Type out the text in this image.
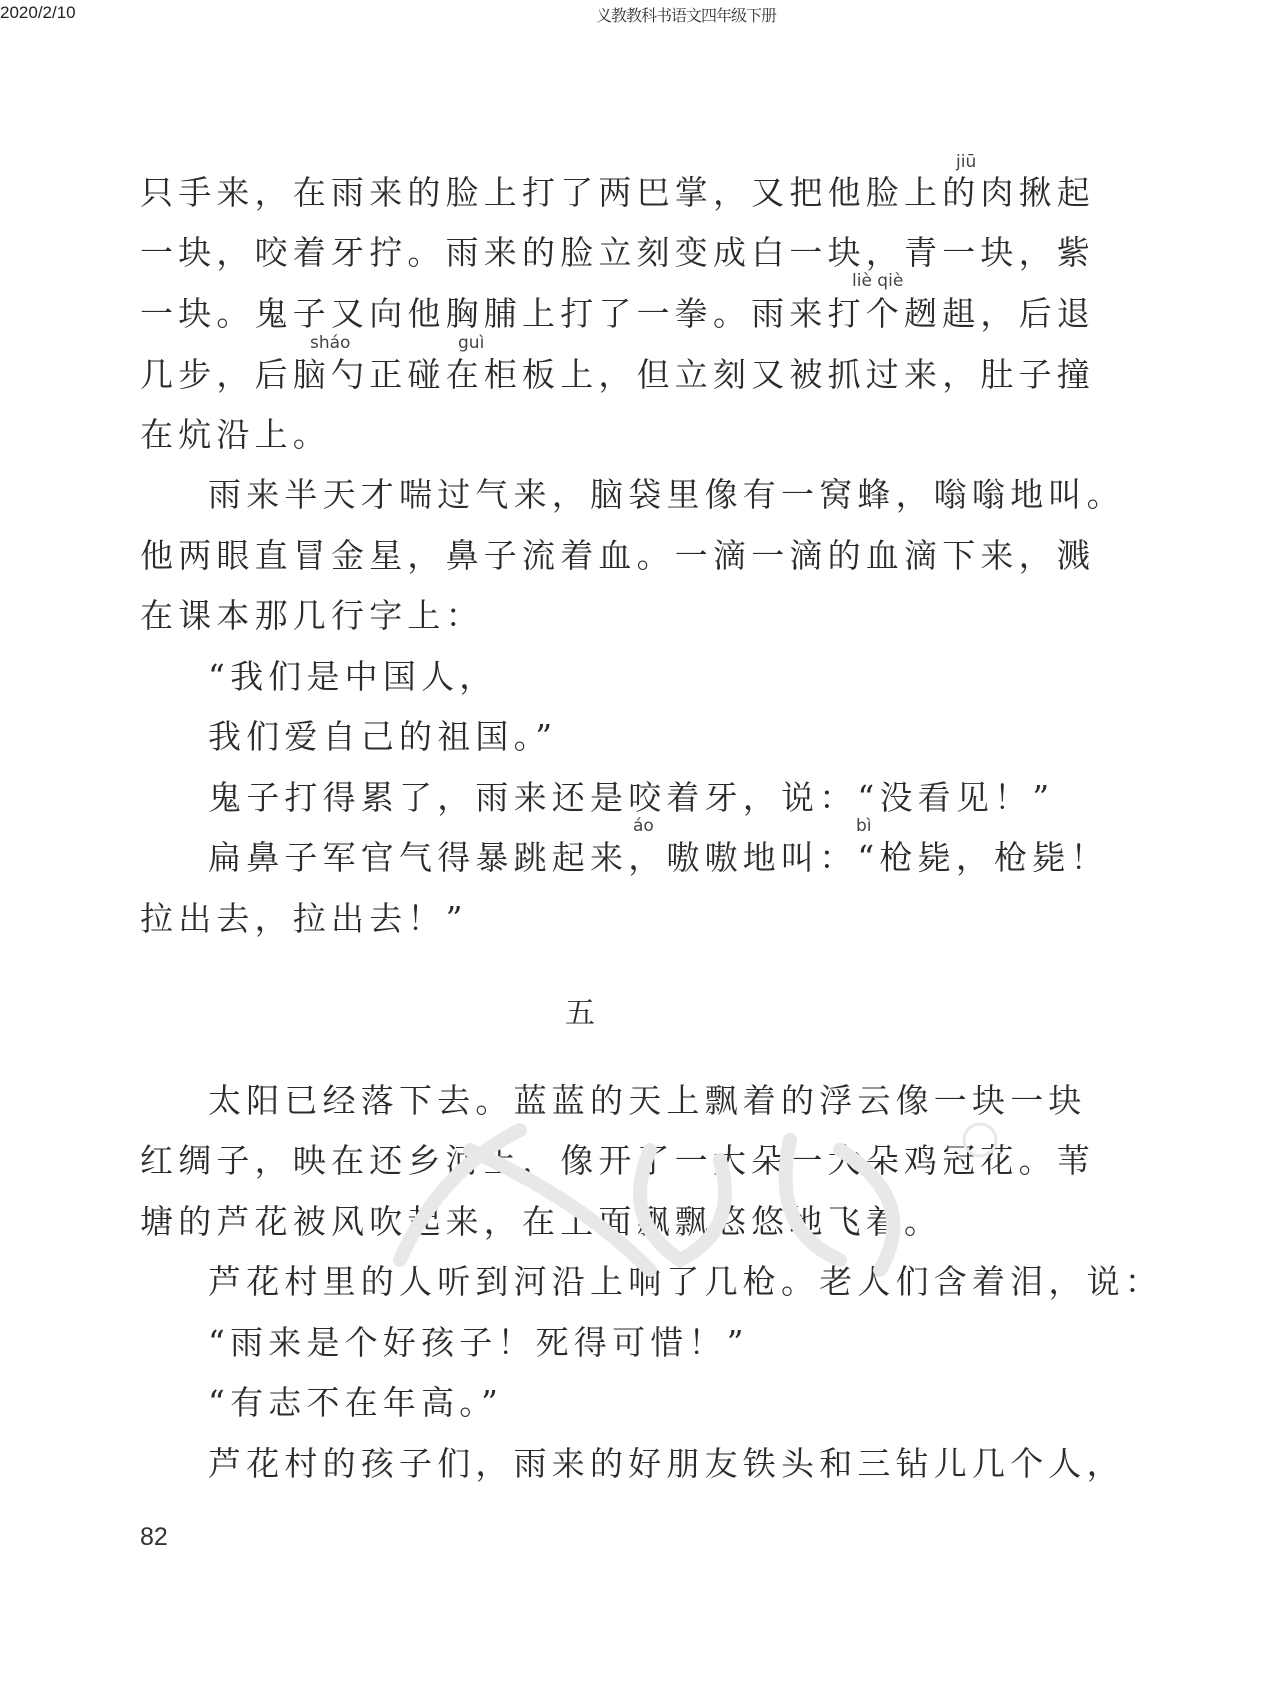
2020/2/10	义教教科书语文四年级下册
jiū
liè qiè
sháo	guì
áo	bì
只手来，在雨来的脸上打了两巴掌，又把他脸上的肉揪起
一块，咬着牙拧。雨来的脸立刻变成白一块，青一块，紫
一块。鬼子又向他胸脯上打了一拳。雨来打个趔趄，后退
几步，后脑勺正碰在柜板上，但立刻又被抓过来，肚子撞
在炕沿上。
雨来半天才喘过气来，脑袋里像有一窝蜂，嗡嗡地叫。
他两眼直冒金星，鼻子流着血。一滴一滴的血滴下来，溅
在课本那几行字上：
“我们是中国人，
我们爱自己的祖国。”
鬼子打得累了，雨来还是咬着牙，说：“没看见！”
扁鼻子军官气得暴跳起来，嗷嗷地叫：“枪毙，枪毙！
拉出去，拉出去！”
五
太阳已经落下去。蓝蓝的天上飘着的浮云像一块一块
红绸子，映在还乡河上，像开了一大朵一大朵鸡冠花。苇
塘的芦花被风吹起来，在上面飘飘悠悠地飞着。
芦花村里的人听到河沿上响了几枪。老人们含着泪，说：
“雨来是个好孩子！死得可惜！”
“有志不在年高。”
芦花村的孩子们，雨来的好朋友铁头和三钻儿几个人，
82
